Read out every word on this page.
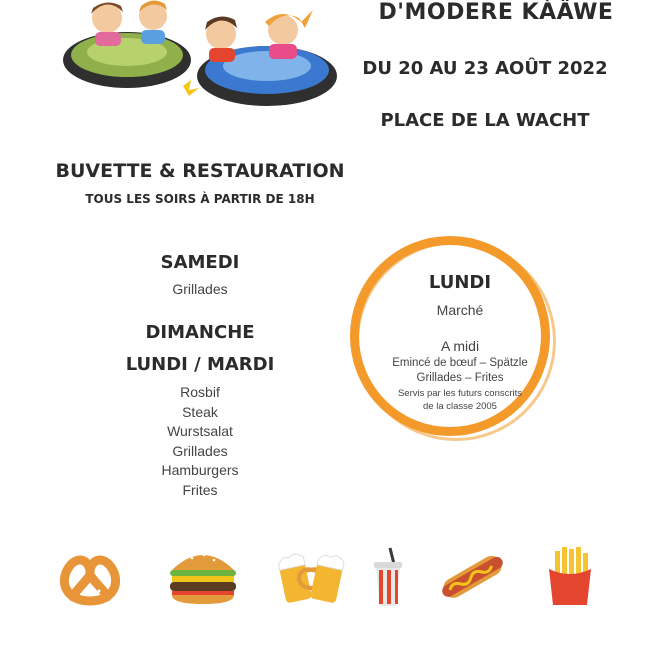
D'MODERE KÀÄWE
DU 20 AU 23 AOÛT 2022
PLACE DE LA WACHT
BUVETTE & RESTAURATION
TOUS LES SOIRS À PARTIR DE 18H
SAMEDI
Grillades
DIMANCHE
LUNDI / MARDI
Rosbif
Steak
Wurstsalat
Grillades
Hamburgers
Frites
LUNDI
Marché
A midi
Emincé de bœuf – Spätzle
Grillades – Frites
Servis par les futurs conscrits
de la classe 2005
